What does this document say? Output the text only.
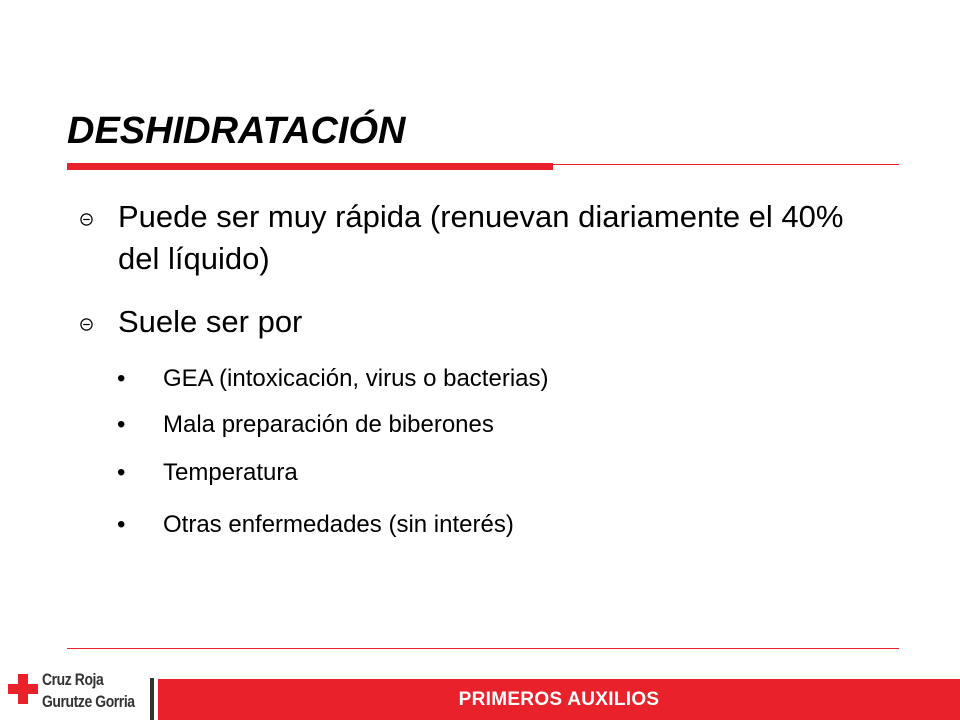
DESHIDRATACIÓN
Puede ser muy rápida (renuevan diariamente el 40% del líquido)
Suele ser por
• GEA (intoxicación, virus o bacterias)
• Mala preparación de biberones
• Temperatura
• Otras enfermedades (sin interés)
Cruz Roja
Gurutze Gorria	PRIMEROS AUXILIOS
